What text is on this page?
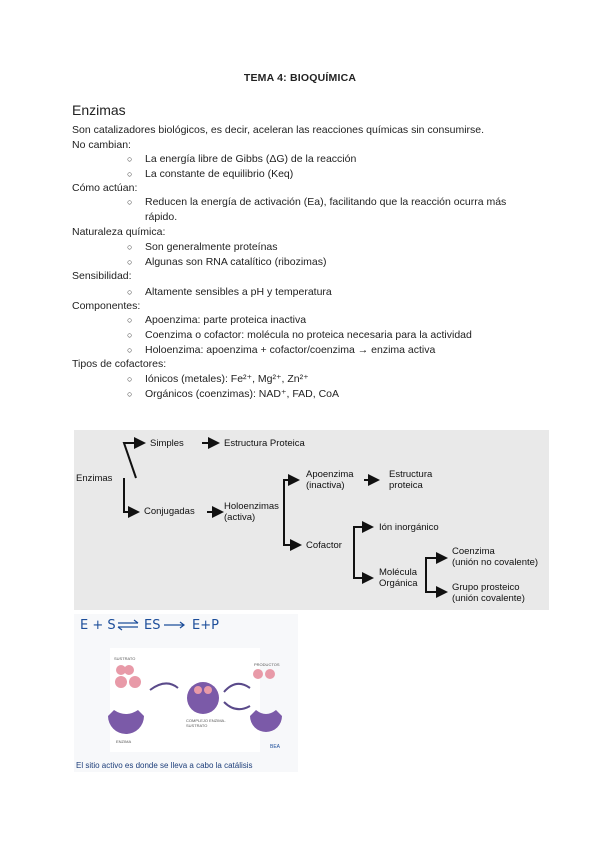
TEMA 4: BIOQUÍMICA
Enzimas
Son catalizadores biológicos, es decir, aceleran las reacciones químicas sin consumirse.
No cambian:
○	La energía libre de Gibbs (ΔG) de la reacción
○	La constante de equilibrio (Keq)
Cómo actúan:
○	Reducen la energía de activación (Ea), facilitando que la reacción ocurra más rápido.
Naturaleza química:
○	Son generalmente proteínas
○	Algunas son RNA catalítico (ribozimas)
Sensibilidad:
○	Altamente sensibles a pH y temperatura
Componentes:
○	Apoenzima: parte proteica inactiva
○	Coenzima o cofactor: molécula no proteica necesaria para la actividad
○	Holoenzima: apoenzima + cofactor/coenzima → enzima activa
Tipos de cofactores:
○	Iónicos (metales): Fe²⁺, Mg²⁺, Zn²⁺
○	Orgánicos (coenzimas): NAD⁺, FAD, CoA
Enzimas
Simples	Estructura Proteica
Conjugadas	Holoenzimas
(activa)
Apoenzima
(inactiva)
Estructura
proteica
Cofactor
Ión inorgánico
Molécula
Orgánica
Coenzima
(unión no covalente)
Grupo prosteico
(unión covalente)
E + S ES E+P
SUSTRATO
ENZIMA
COMPLEJO ENZIMA-SUSTRATO
PRODUCTOS
BEA
El sitio activo es donde se lleva a cabo la catálisis
